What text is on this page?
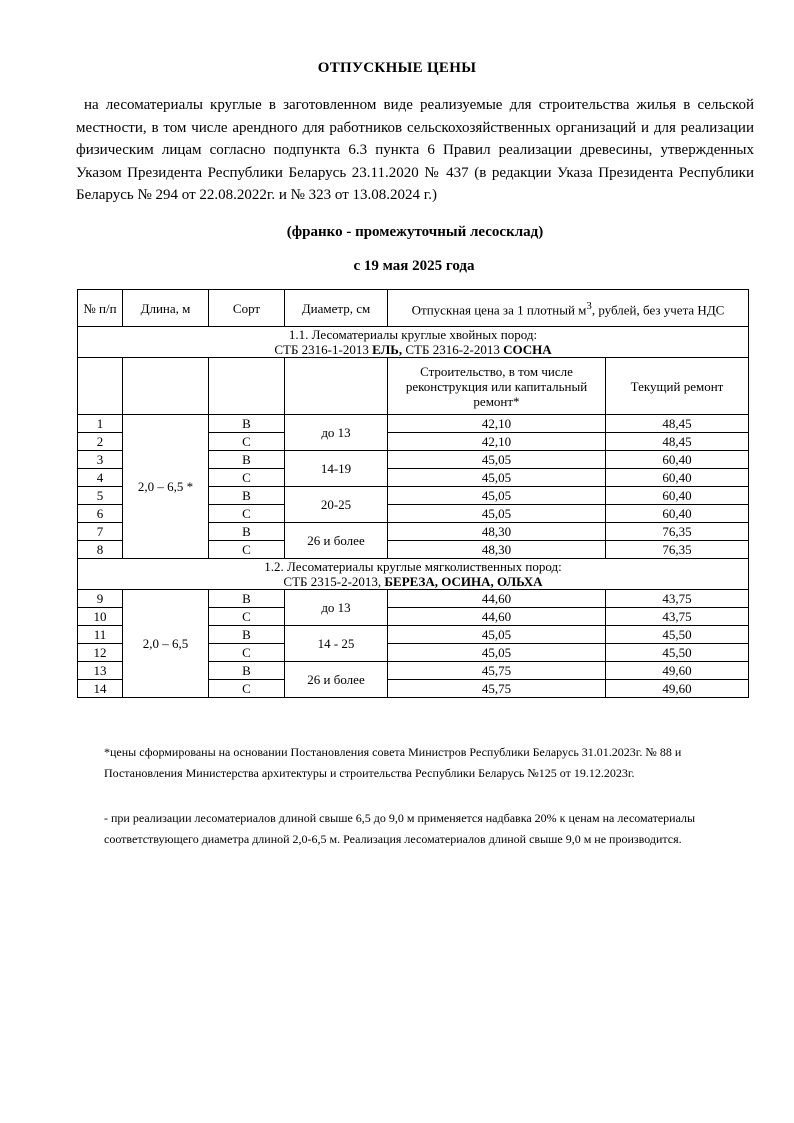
ОТПУСКНЫЕ ЦЕНЫ
на лесоматериалы круглые в заготовленном виде реализуемые для строительства жилья в сельской местности, в том числе арендного для работников сельскохозяйственных организаций и для реализации физическим лицам согласно подпункта 6.3 пункта 6 Правил реализации древесины, утвержденных Указом Президента Республики Беларусь 23.11.2020 № 437 (в редакции Указа Президента Республики Беларусь № 294 от 22.08.2022г. и № 323 от 13.08.2024 г.)
(франко - промежуточный лесосклад)
с 19 мая 2025 года
№ п/п	Длина, м	Сорт	Диаметр, см	Отпускная цена за 1 плотный $м^3$, рублей, без учета НДС	

1.1. Лесоматериалы круглые хвойных пород:
СТБ 2316-1-2013 ЕЛЬ, СТБ 2316-2-2013 СОСНА					

				Строительство, в том числе реконструкция или капитальный ремонт*	Текущий ремонт
1	2,0 – 6,5 *	В	до 13	42,10	48,45
2		С		42,10	48,45
3		В	14-19	45,05	60,40
4		С		45,05	60,40
5		В	20-25	45,05	60,40
6		С		45,05	60,40
7		В	26 и более	48,30	76,35
8		С		48,30	76,35

1.2. Лесоматериалы круглые мягколиственных пород:
СТБ 2315-2-2013, БЕРЕЗА, ОСИНА, ОЛЬХА					

9	2,0 – 6,5	В	до 13	44,60	43,75
10		С		44,60	43,75
11		В	14 - 25	45,05	45,50
12		С		45,05	45,50
13		В	26 и более	45,75	49,60
14		С		45,75	49,60
*цены сформированы на основании Постановления совета Министров Республики Беларусь 31.01.2023г. № 88 и Постановления Министерства архитектуры и строительства Республики Беларусь №125 от 19.12.2023г.
- при реализации лесоматериалов длиной свыше 6,5 до 9,0 м применяется надбавка 20% к ценам на лесоматериалы соответствующего диаметра длиной 2,0-6,5 м. Реализация лесоматериалов длиной свыше 9,0 м не производится.
